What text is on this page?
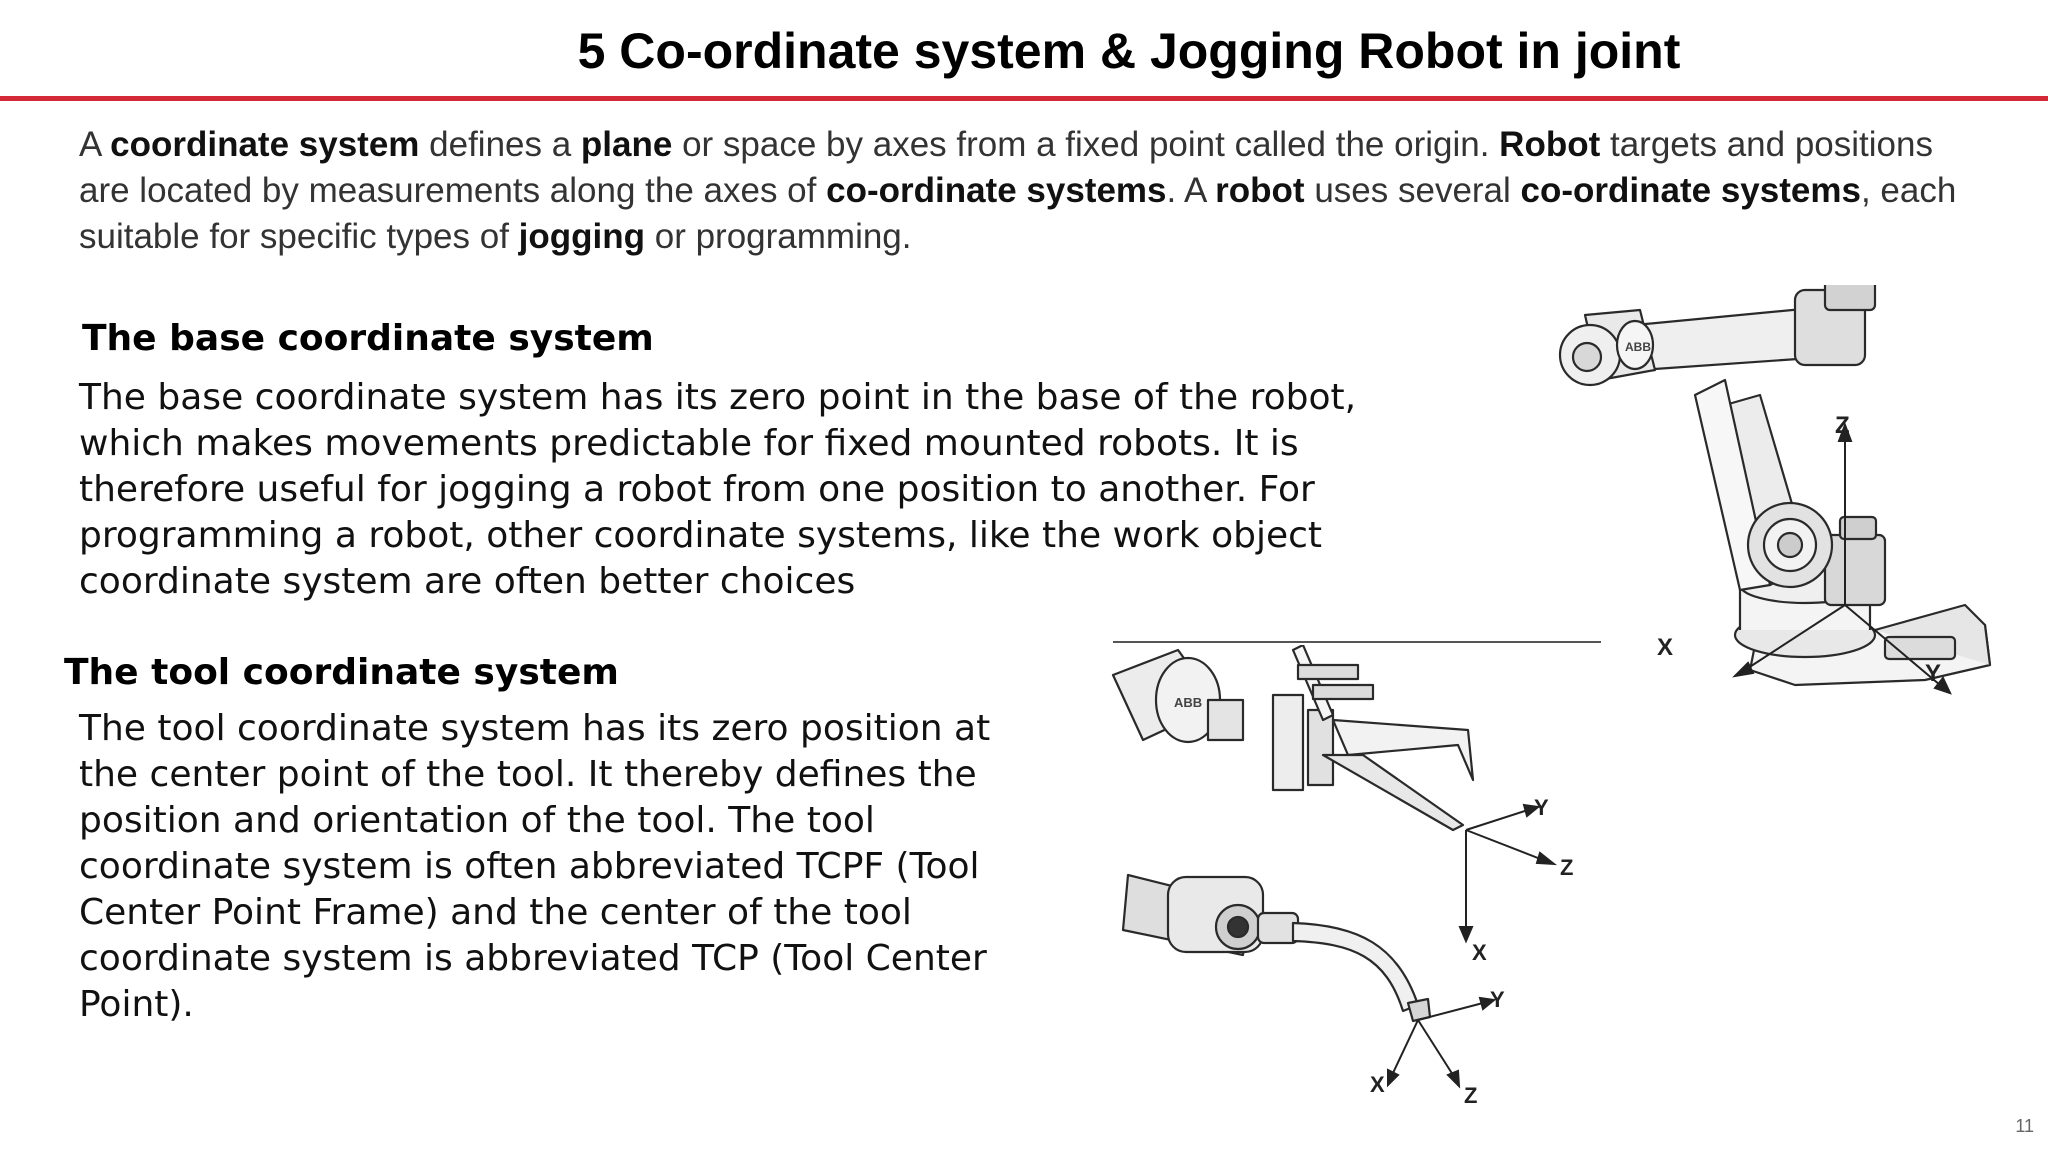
5 Co-ordinate system & Jogging Robot in joint

A coordinate system defines a plane or space by axes from a fixed point called the origin. Robot targets and positions are located by measurements along the axes of co-ordinate systems. A robot uses several co-ordinate systems, each suitable for specific types of jogging or programming.

The base coordinate system

The base coordinate system has its zero point in the base of the robot,
which makes movements predictable for fixed mounted robots. It is
therefore useful for jogging a robot from one position to another. For
programming a robot, other coordinate systems, like the work object
coordinate system are often better choices

The tool coordinate system

The tool coordinate system has its zero position at
the center point of the tool. It thereby defines the
position and orientation of the tool. The tool
coordinate system is often abbreviated TCPF (Tool
Center Point Frame) and the center of the tool
coordinate system is abbreviated TCP (Tool Center
Point).

ABB
Z
X
Y
ABB
Y
Z
X
Y
X	Z
11
